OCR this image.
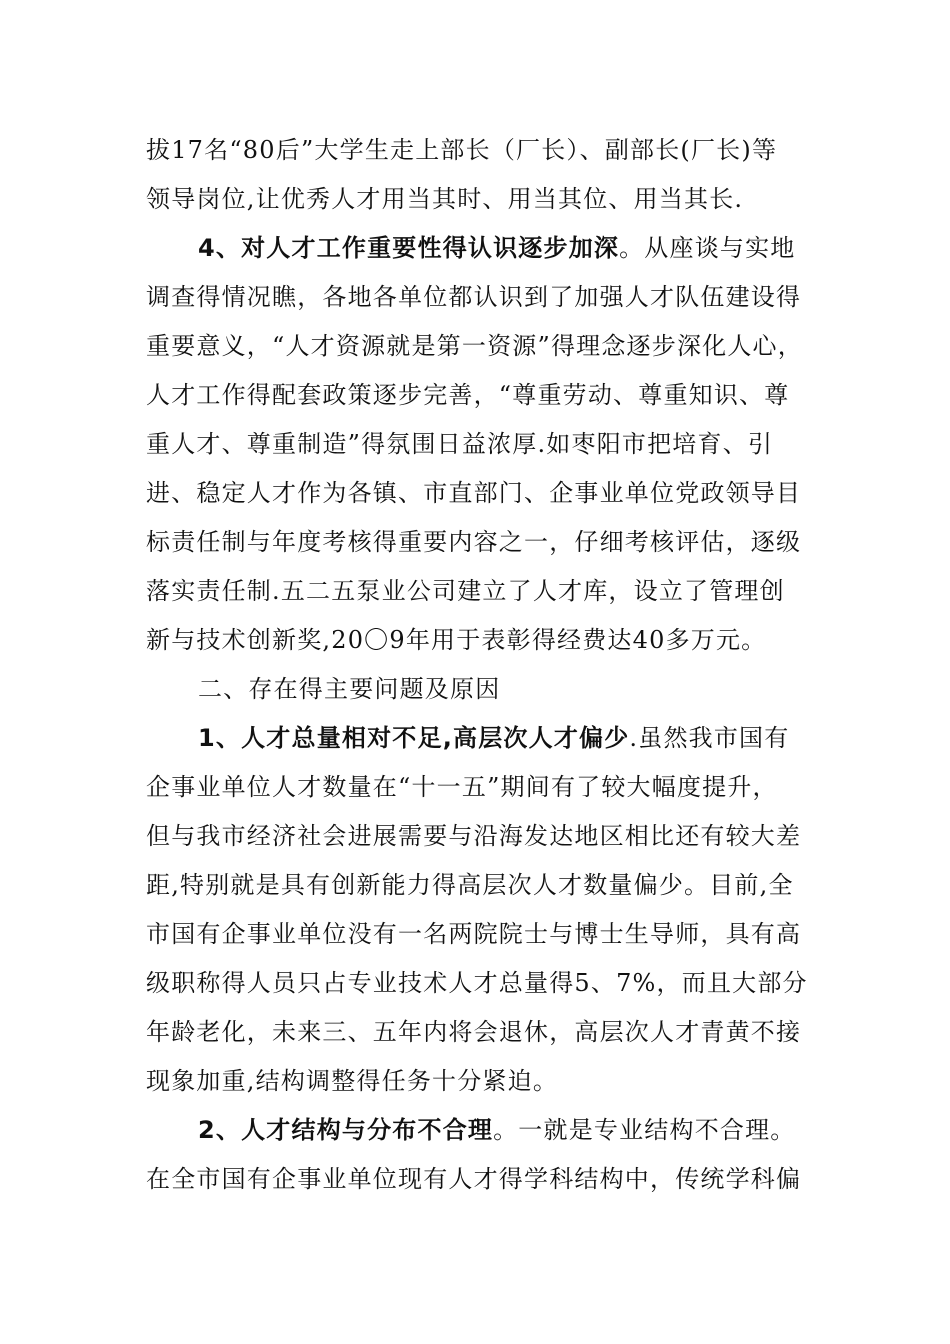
拔17名“80后”大学生走上部长（厂长）、副部长(厂长)等
领导岗位,让优秀人才用当其时、用当其位、用当其长.
4、对人才工作重要性得认识逐步加深。从座谈与实地
调查得情况瞧，各地各单位都认识到了加强人才队伍建设得
重要意义，“人才资源就是第一资源”得理念逐步深化人心，
人才工作得配套政策逐步完善，“尊重劳动、尊重知识、尊
重人才、尊重制造”得氛围日益浓厚.如枣阳市把培育、引
进、稳定人才作为各镇、市直部门、企事业单位党政领导目
标责任制与年度考核得重要内容之一，仔细考核评估，逐级
落实责任制.五二五泵业公司建立了人才库，设立了管理创
新与技术创新奖,20〇9年用于表彰得经费达40多万元。
二、存在得主要问题及原因
1、人才总量相对不足,高层次人才偏少.虽然我市国有
企事业单位人才数量在“十一五”期间有了较大幅度提升，
但与我市经济社会进展需要与沿海发达地区相比还有较大差
距,特别就是具有创新能力得高层次人才数量偏少。目前,全
市国有企事业单位没有一名两院院士与博士生导师，具有高
级职称得人员只占专业技术人才总量得5、7%，而且大部分
年龄老化，未来三、五年内将会退休，高层次人才青黄不接
现象加重,结构调整得任务十分紧迫。
2、人才结构与分布不合理。一就是专业结构不合理。
在全市国有企事业单位现有人才得学科结构中，传统学科偏
